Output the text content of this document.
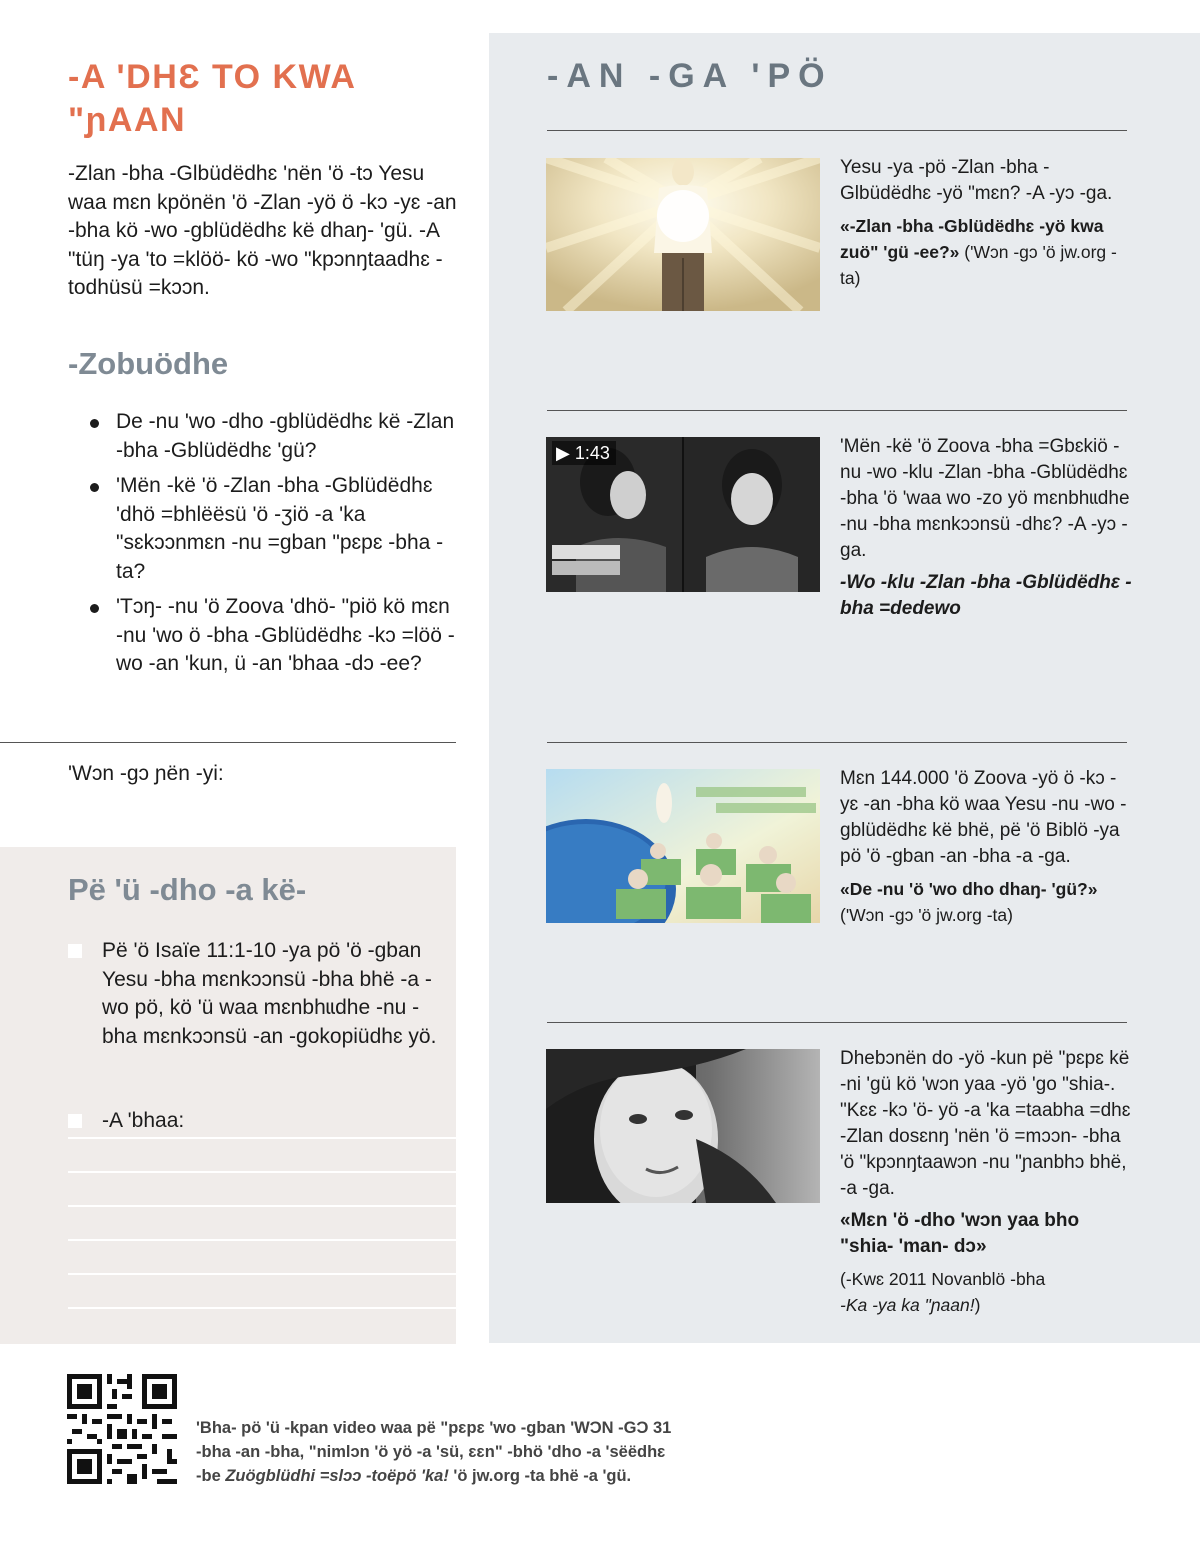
-A 'DHƐ TO KWA "ɲAAN
-Zlan -bha -Glbüdëdhɛ 'nën 'ö -tɔ Yesu waa mɛn kpönën 'ö -Zlan -yö ö -kɔ -yɛ -an -bha kö -wo -gblüdëdhɛ kë dhaŋ- 'gü. -A "tüŋ -ya 'to =klöö- kö -wo "kpɔnŋtaadhɛ -todhüsü =kɔɔn.
-Zobuödhe
De -nu 'wo -dho -gblüdëdhɛ kë -Zlan -bha -Gblüdëdhɛ 'gü?
'Mën -kë 'ö -Zlan -bha -Gblüdëdhɛ 'dhö =bhlëësü 'ö -ʒiö -a 'ka "sɛkɔɔnmɛn -nu =gban "pɛpɛ -bha -ta?
'Tɔŋ- -nu 'ö Zoova 'dhö- "piö kö mɛn -nu 'wo ö -bha -Gblüdëdhɛ -kɔ =löö -wo -an 'kun, ü -an 'bhaa -dɔ -ee?
'Wɔn -gɔ ɲën -yi:
Pë 'ü -dho -a kë-
Pë 'ö Isaïe 11:1-10 -ya pö 'ö -gban Yesu -bha mɛnkɔɔnsü -bha bhë -a -wo pö, kö 'ü waa mɛnbhɩɩdhe -nu -bha mɛnkɔɔnsü -an -gokopiüdhɛ yö.
-A 'bhaa:
-AN -GA 'PÖ

Yesu -ya -pö -Zlan -bha -Glbüdëdhɛ -yö "mɛn? -A -yɔ -ga.

«-Zlan -bha -Gblüdëdhɛ -yö kwa zuö" 'gü -ee?» ('Wɔn -gɔ 'ö jw.org -ta)

▶ 1:43	'Mën -kë 'ö Zoova -bha =Gbɛkiö -nu -wo -klu -Zlan -bha -Gblüdëdhɛ -bha 'ö 'waa wo -zo yö mɛnbhɩɩdhe -nu -bha mɛnkɔɔnsü -dhɛ? -A -yɔ -ga.

-Wo -klu -Zlan -bha -Gblüdëdhɛ -bha =dedewo

Mɛn 144.000 'ö Zoova -yö ö -kɔ -yɛ -an -bha kö waa Yesu -nu -wo -gblüdëdhɛ kë bhë, pë 'ö Biblö -ya pö 'ö -gban -an -bha -a -ga.

«De -nu 'ö 'wo dho dhaŋ- 'gü?» ('Wɔn -gɔ 'ö jw.org -ta)

Dhebɔnën do -yö -kun pë "pɛpɛ kë -ni 'gü kö 'wɔn yaa -yö 'go "shia-. "Kɛɛ -kɔ 'ö- yö -a 'ka =taabha =dhɛ -Zlan dosɛnŋ 'nën 'ö =mɔɔn- -bha 'ö "kpɔnŋtaawɔn -nu "ɲanbhɔ bhë, -a -ga.

«Mɛn 'ö -dho 'wɔn yaa bho "shia- 'man- dɔ»

(-Kwɛ 2011 Novanblö -bha
-Ka -ya ka "ɲaan!)

'Bha- pö 'ü -kpan video waa pë "pɛpɛ 'wo -gban 'WƆN -GƆ 31
-bha -an -bha, "nimlɔn 'ö yö -a 'sü, ɛɛn" -bhö 'dho -a 'sëëdhɛ
-be Zuögblüdhi =slɔɔ -toëpö 'ka! 'ö jw.org -ta bhë -a 'gü.
